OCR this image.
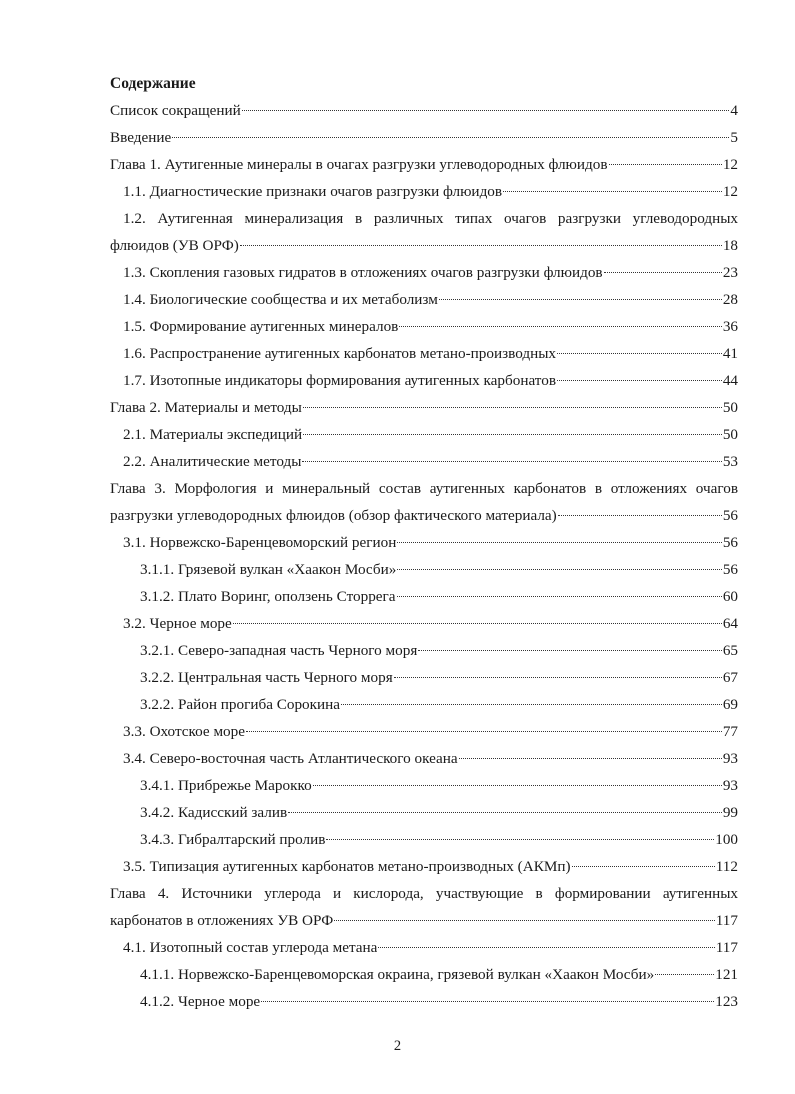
Содержание
Список сокращений	4
Введение	5
Глава 1. Аутигенные минералы в очагах разгрузки углеводородных флюидов	12
1.1. Диагностические признаки очагов разгрузки флюидов	12
1.2. Аутигенная минерализация в различных типах очагов разгрузки углеводородных
флюидов (УВ ОРФ)	18
1.3. Скопления газовых гидратов в отложениях очагов разгрузки флюидов	23
1.4. Биологические сообщества и их метаболизм	28
1.5. Формирование аутигенных минералов	36
1.6. Распространение аутигенных карбонатов метано-производных	41
1.7. Изотопные индикаторы формирования аутигенных карбонатов	44
Глава 2. Материалы и методы	50
2.1. Материалы экспедиций	50
2.2. Аналитические методы	53
Глава 3. Морфология и минеральный состав аутигенных карбонатов в отложениях очагов
разгрузки углеводородных флюидов (обзор фактического материала)	56
3.1. Норвежско-Баренцевоморский регион	56
3.1.1. Грязевой вулкан «Хаакон Мосби»	56
3.1.2. Плато Воринг, оползень Сторрега	60
3.2. Черное море	64
3.2.1. Северо-западная часть Черного моря	65
3.2.2. Центральная часть Черного моря	67
3.2.2. Район прогиба Сорокина	69
3.3. Охотское море	77
3.4. Северо-восточная часть Атлантического океана	93
3.4.1. Прибрежье Марокко	93
3.4.2. Кадисский залив	99
3.4.3. Гибралтарский пролив	100
3.5. Типизация аутигенных карбонатов метано-производных (АКМп)	112
Глава 4. Источники углерода и кислорода, участвующие в формировании аутигенных
карбонатов в отложениях УВ ОРФ	117
4.1. Изотопный состав углерода метана	117
4.1.1. Норвежско-Баренцевоморская окраина, грязевой вулкан «Хаакон Мосби»	121
4.1.2. Черное море	123
2
